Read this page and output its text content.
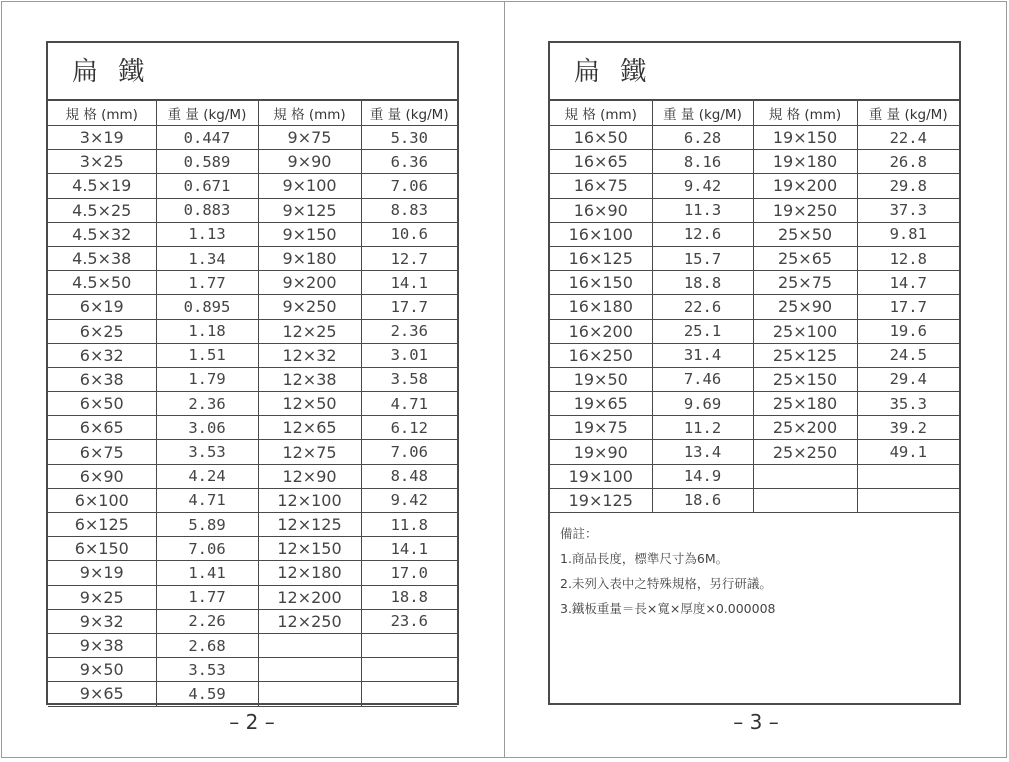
扁 鐵
規 格 (mm)	重 量 (kg/M)	規 格 (mm)	重 量 (kg/M)
3×19	0.447	9×75	5.30
3×25	0.589	9×90	6.36
4.5×19	0.671	9×100	7.06
4.5×25	0.883	9×125	8.83
4.5×32	1.13	9×150	10.6
4.5×38	1.34	9×180	12.7
4.5×50	1.77	9×200	14.1
6×19	0.895	9×250	17.7
6×25	1.18	12×25	2.36
6×32	1.51	12×32	3.01
6×38	1.79	12×38	3.58
6×50	2.36	12×50	4.71
6×65	3.06	12×65	6.12
6×75	3.53	12×75	7.06
6×90	4.24	12×90	8.48
6×100	4.71	12×100	9.42
6×125	5.89	12×125	11.8
6×150	7.06	12×150	14.1
9×19	1.41	12×180	17.0
9×25	1.77	12×200	18.8
9×32	2.26	12×250	23.6
9×38	2.68		
9×50	3.53		
9×65	4.59		
– 2 –
扁 鐵
規 格 (mm)	重 量 (kg/M)	規 格 (mm)	重 量 (kg/M)
16×50	6.28	19×150	22.4
16×65	8.16	19×180	26.8
16×75	9.42	19×200	29.8
16×90	11.3	19×250	37.3
16×100	12.6	25×50	9.81
16×125	15.7	25×65	12.8
16×150	18.8	25×75	14.7
16×180	22.6	25×90	17.7
16×200	25.1	25×100	19.6
16×250	31.4	25×125	24.5
19×50	7.46	25×150	29.4
19×65	9.69	25×180	35.3
19×75	11.2	25×200	39.2
19×90	13.4	25×250	49.1
19×100	14.9		
19×125	18.6		
備註：
1.商品長度，標準尺寸為6M。
2.未列入表中之特殊規格，另行研議。
3.鐵板重量＝長×寬×厚度×0.000008
– 3 –
